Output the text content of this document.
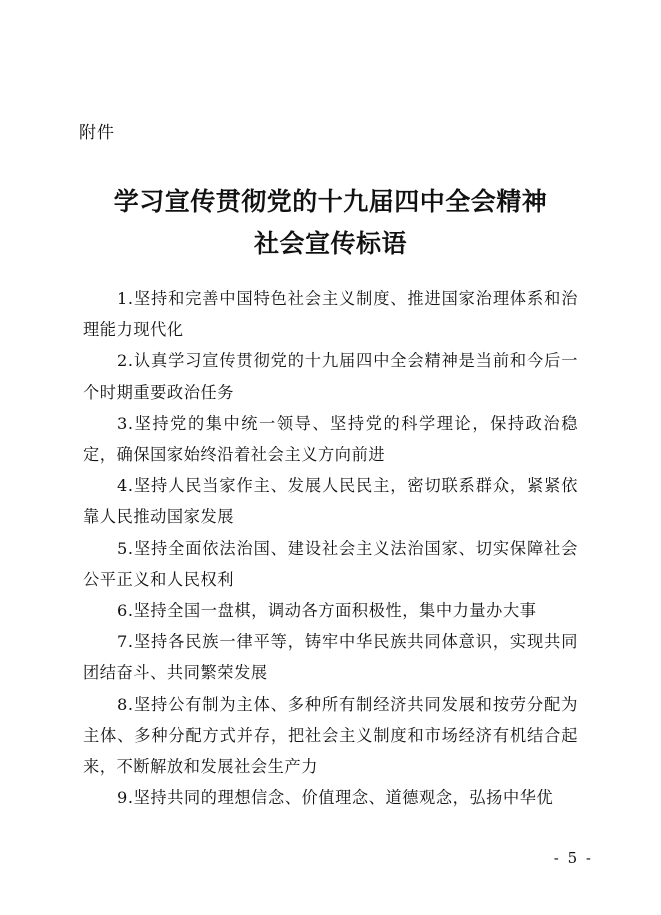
附件
学习宣传贯彻党的十九届四中全会精神
社会宣传标语

1.坚持和完善中国特色社会主义制度、推进国家治理体系和治理能力现代化

2.认真学习宣传贯彻党的十九届四中全会精神是当前和今后一个时期重要政治任务

3.坚持党的集中统一领导、坚持党的科学理论，保持政治稳定，确保国家始终沿着社会主义方向前进

4.坚持人民当家作主、发展人民民主，密切联系群众，紧紧依靠人民推动国家发展

5.坚持全面依法治国、建设社会主义法治国家、切实保障社会公平正义和人民权利

6.坚持全国一盘棋，调动各方面积极性，集中力量办大事

7.坚持各民族一律平等，铸牢中华民族共同体意识，实现共同团结奋斗、共同繁荣发展

8.坚持公有制为主体、多种所有制经济共同发展和按劳分配为主体、多种分配方式并存，把社会主义制度和市场经济有机结合起来，不断解放和发展社会生产力

9.坚持共同的理想信念、价值理念、道德观念，弘扬中华优

- 5 -
